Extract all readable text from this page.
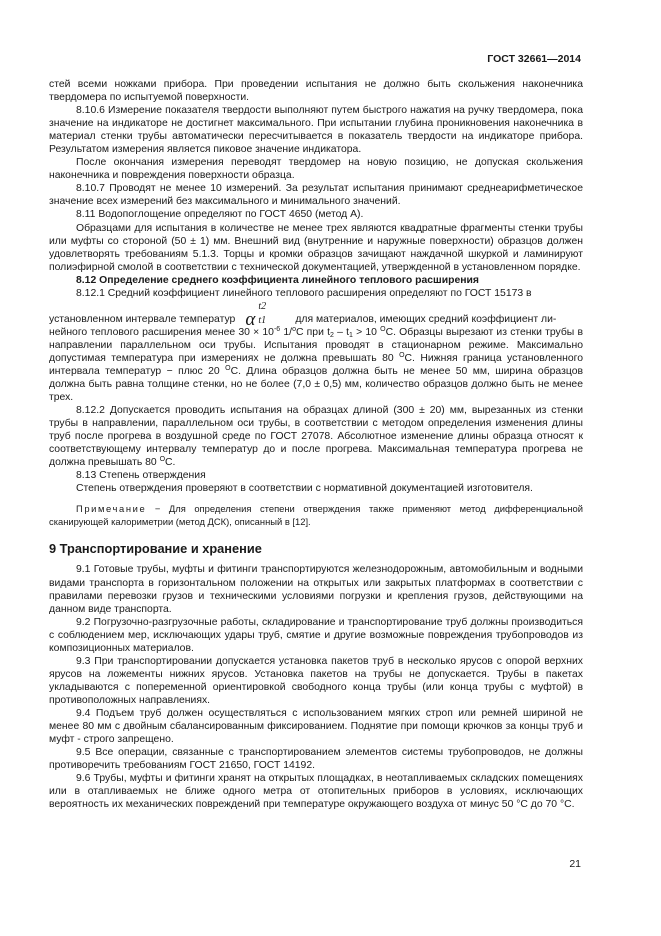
ГОСТ 32661—2014

стей всеми ножками прибора. При проведении испытания не должно быть скольжения наконечника твердомера по испытуемой поверхности.

8.10.6 Измерение показателя твердости выполняют путем быстрого нажатия на ручку твердомера, пока значение на индикаторе не достигнет максимального. При испытании глубина проникновения наконечника в материал стенки трубы автоматически пересчитывается в показатель твердости на индикаторе прибора. Результатом измерения является пиковое значение индикатора.

После окончания измерения переводят твердомер на новую позицию, не допуская скольжения наконечника и повреждения поверхности образца.

8.10.7 Проводят не менее 10 измерений. За результат испытания принимают среднеарифметическое значение всех измерений без максимального и минимального значений.

8.11 Водопоглощение определяют по ГОСТ 4650 (метод А).

Образцами для испытания в количестве не менее трех являются квадратные фрагменты стенки трубы или муфты со стороной (50 ± 1) мм. Внешний вид (внутренние и наружные поверхности) образцов должен удовлетворять требованиям 5.1.3. Торцы и кромки образцов зачищают наждачной шкуркой и ламинируют полиэфирной смолой в соответствии с технической документацией, утвержденной в установленном порядке.

8.12 Определение среднего коэффициента линейного теплового расширения

8.12.1 Средний коэффициент линейного теплового расширения определяют по ГОСТ 15173 в

установленном интервале температур α
t2
t1	для материалов, имеющих средний коэффициент ли-

нейного теплового расширения менее $30 \times 10^{-6}$ 1/$^o$C при $t_2 - t_1 > 10$ $^O$C. Образцы вырезают из стенки трубы в направлении параллельном оси трубы. Испытания проводят в стационарном режиме. Максимально допустимая температура при измерениях не должна превышать 80 $^O$C. Нижняя граница установленного интервала температур − плюс 20 $^O$C. Длина образцов должна быть не менее 50 мм, ширина образцов должна быть равна толщине стенки, но не более (7,0 ± 0,5) мм, количество образцов должно быть не менее трех.

8.12.2 Допускается проводить испытания на образцах длиной (300 ± 20) мм, вырезанных из стенки трубы в направлении, параллельном оси трубы, в соответствии с методом определения изменения длины труб после прогрева в воздушной среде по ГОСТ 27078. Абсолютное изменение длины образца относят к соответствующему интервалу температур до и после прогрева. Максимальная температура прогрева не должна превышать 80 $^O$C.

8.13 Степень отверждения

Степень отверждения проверяют в соответствии с нормативной документацией изготовителя.

Примечание − Для определения степени отверждения также применяют метод дифференциальной сканирующей калориметрии (метод ДСК), описанный в [12].

9 Транспортирование и хранение

9.1 Готовые трубы, муфты и фитинги транспортируются железнодорожным, автомобильным и водными видами транспорта в горизонтальном положении на открытых или закрытых платформах в соответствии с правилами перевозки грузов и техническими условиями погрузки и крепления грузов, действующими на данном виде транспорта.

9.2 Погрузочно-разгрузочные работы, складирование и транспортирование труб должны производиться с соблюдением мер, исключающих удары труб, смятие и другие возможные повреждения трубопроводов из композиционных материалов.

9.3 При транспортировании допускается установка пакетов труб в несколько ярусов с опорой верхних ярусов на ложементы нижних ярусов. Установка пакетов на трубы не допускается. Трубы в пакетах укладываются с попеременной ориентировкой свободного конца трубы (или конца трубы с муфтой) в противоположных направлениях.

9.4 Подъем труб должен осуществляться с использованием мягких строп или ремней шириной не менее 80 мм с двойным сбалансированным фиксированием. Поднятие при помощи крючков за концы труб и муфт - строго запрещено.

9.5 Все операции, связанные с транспортированием элементов системы трубопроводов, не должны противоречить требованиям ГОСТ 21650, ГОСТ 14192.

9.6 Трубы, муфты и фитинги хранят на открытых площадках, в неотапливаемых складских помещениях или в отапливаемых не ближе одного метра от отопительных приборов в условиях, исключающих вероятность их механических повреждений при температуре окружающего воздуха от минус 50 °С до 70 °С.

21
